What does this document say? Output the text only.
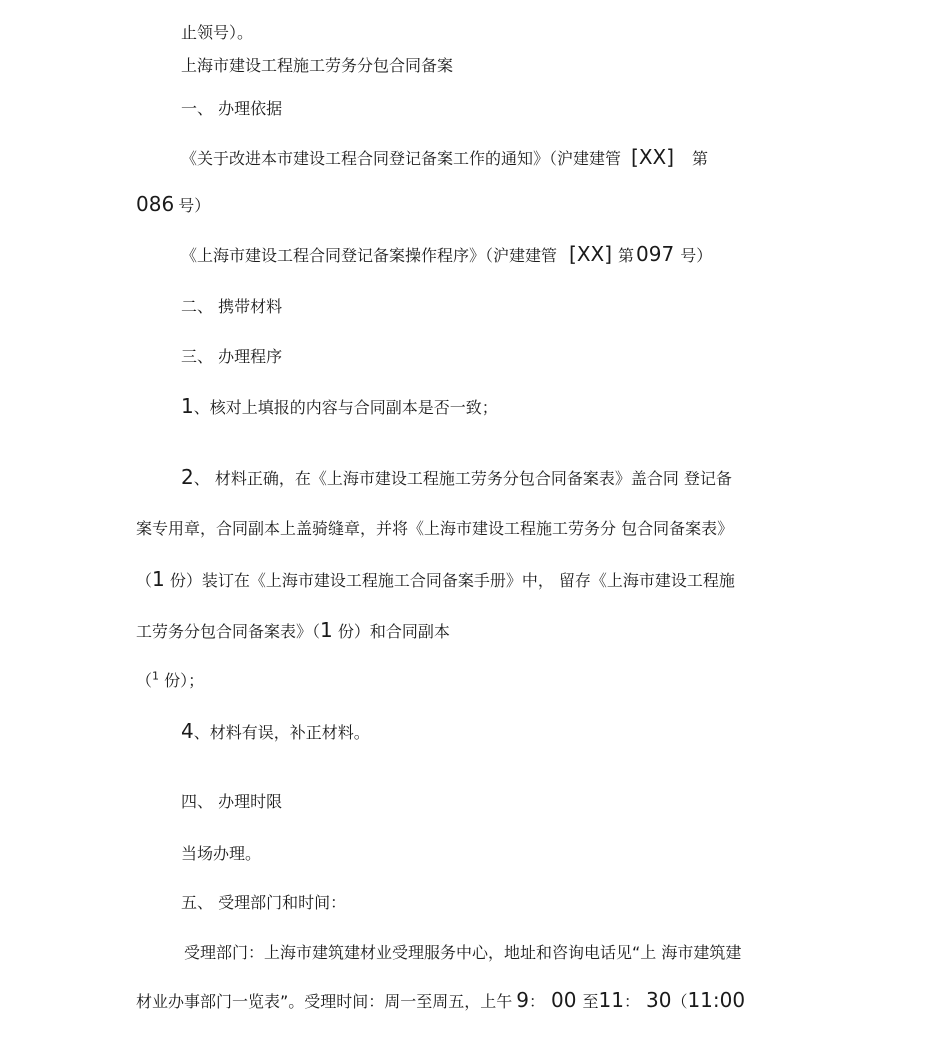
止领号）。
上海市建设工程施工劳务分包合同备案
一、 办理依据
《关于改进本市建设工程合同登记备案工作的通知》（沪建建管 [XX] 第
086 号）
《上海市建设工程合同登记备案操作程序》（沪建建管 [XX] 第 097 号）
二、 携带材料
三、 办理程序
1、核对上填报的内容与合同副本是否一致；
2、 材料正确，在《上海市建设工程施工劳务分包合同备案表》盖合同 登记备
案专用章，合同副本上盖骑缝章，并将《上海市建设工程施工劳务分 包合同备案表》
（1 份）装订在《上海市建设工程施工合同备案手册》中， 留存《上海市建设工程施
工劳务分包合同备案表》（1 份）和合同副本
（$^1$ 份）；
4、材料有误，补正材料。
四、 办理时限
当场办理。
五、 受理部门和时间：
受理部门：上海市建筑建材业受理服务中心，地址和咨询电话见“上 海市建筑建
材业办事部门一览表”。受理时间：周一至周五，上午 9： 00 至11： 30（11:00
